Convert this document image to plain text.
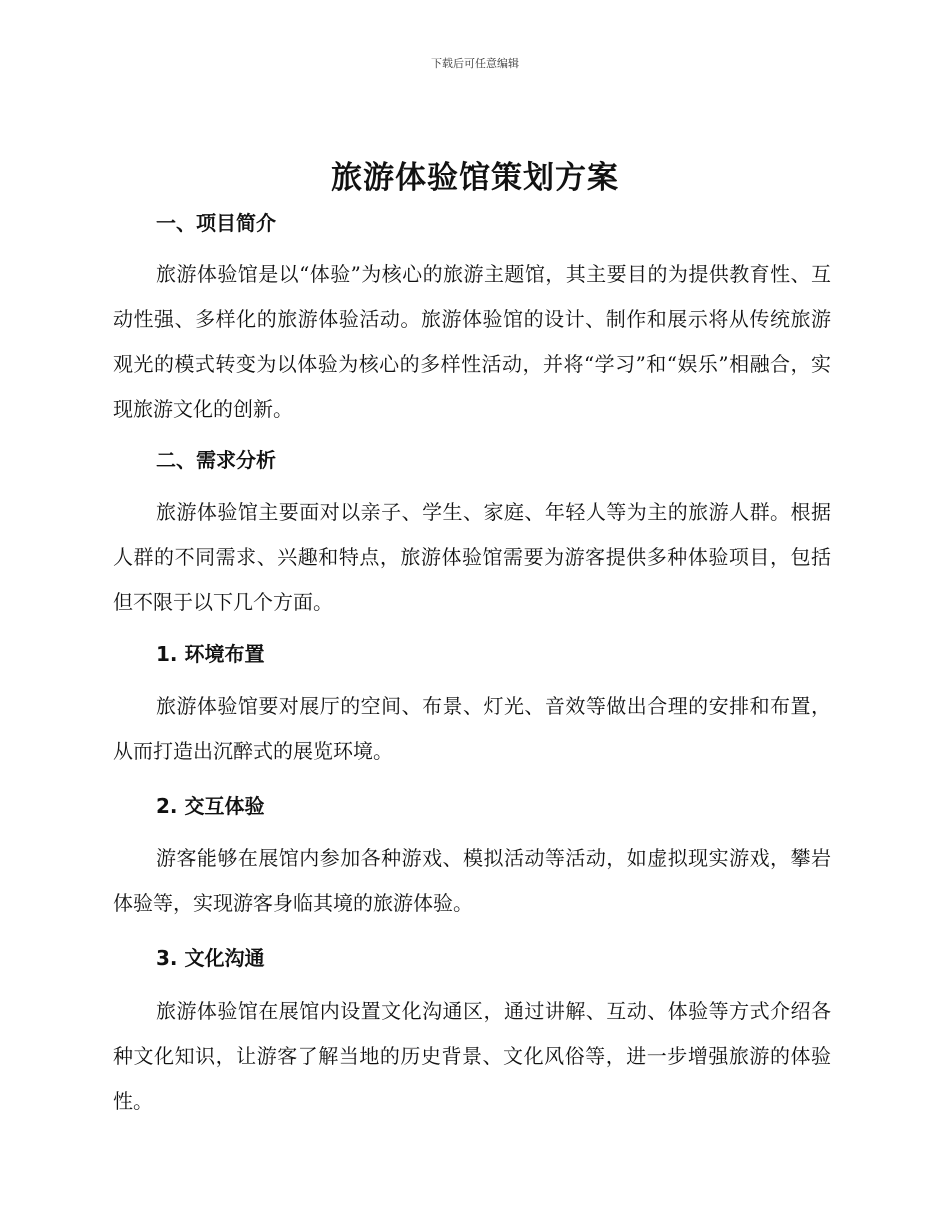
下载后可任意编辑
旅游体验馆策划方案
一、项目简介
旅游体验馆是以“体验”为核心的旅游主题馆，其主要目的为提供教育性、互动性强、多样化的旅游体验活动。旅游体验馆的设计、制作和展示将从传统旅游观光的模式转变为以体验为核心的多样性活动，并将“学习”和“娱乐”相融合，实现旅游文化的创新。
二、需求分析
旅游体验馆主要面对以亲子、学生、家庭、年轻人等为主的旅游人群。根据人群的不同需求、兴趣和特点，旅游体验馆需要为游客提供多种体验项目，包括但不限于以下几个方面。
1. 环境布置
旅游体验馆要对展厅的空间、布景、灯光、音效等做出合理的安排和布置，从而打造出沉醉式的展览环境。
2. 交互体验
游客能够在展馆内参加各种游戏、模拟活动等活动，如虚拟现实游戏，攀岩体验等，实现游客身临其境的旅游体验。
3. 文化沟通
旅游体验馆在展馆内设置文化沟通区，通过讲解、互动、体验等方式介绍各种文化知识，让游客了解当地的历史背景、文化风俗等，进一步增强旅游的体验性。
